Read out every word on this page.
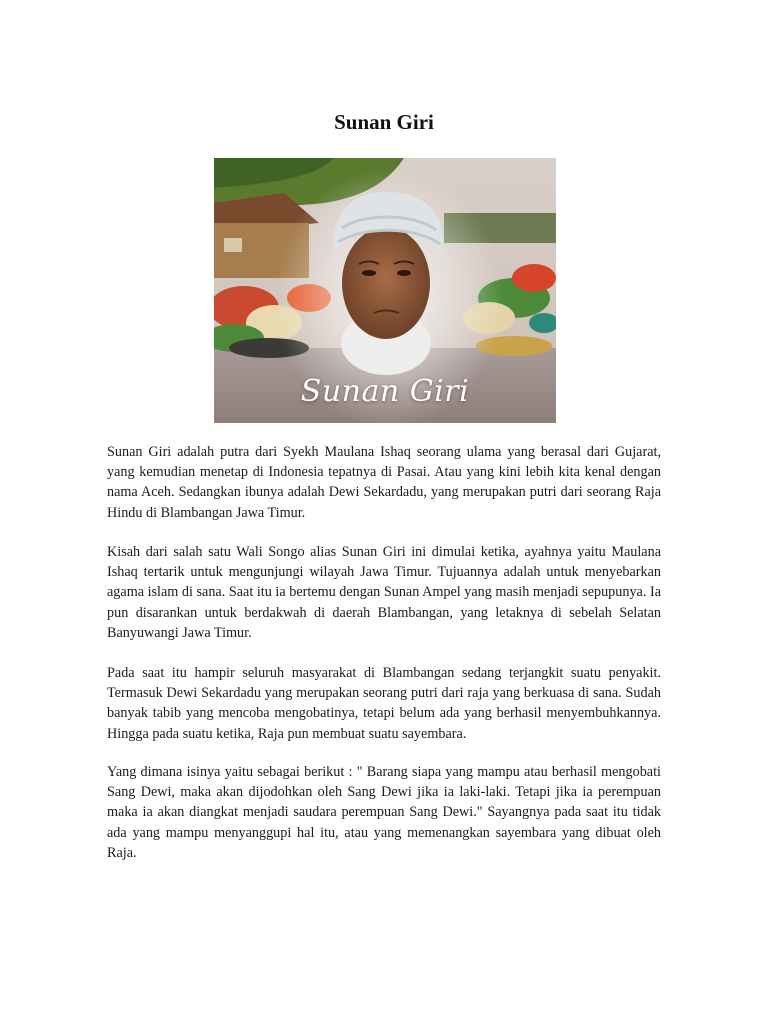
Sunan Giri
Sunan Giri

Sunan Giri adalah putra dari Syekh Maulana Ishaq seorang ulama yang berasal dari Gujarat, yang kemudian menetap di Indonesia tepatnya di Pasai. Atau yang kini lebih kita kenal dengan nama Aceh. Sedangkan ibunya adalah Dewi Sekardadu, yang merupakan putri dari seorang Raja Hindu di Blambangan Jawa Timur.

Kisah dari salah satu Wali Songo alias Sunan Giri ini dimulai ketika, ayahnya yaitu Maulana Ishaq tertarik untuk mengunjungi wilayah Jawa Timur. Tujuannya adalah untuk menyebarkan agama islam di sana. Saat itu ia bertemu dengan Sunan Ampel yang masih menjadi sepupunya. Ia pun disarankan untuk berdakwah di daerah Blambangan, yang letaknya di sebelah Selatan Banyuwangi Jawa Timur.

Pada saat itu hampir seluruh masyarakat di Blambangan sedang terjangkit suatu penyakit. Termasuk Dewi Sekardadu yang merupakan seorang putri dari raja yang berkuasa di sana. Sudah banyak tabib yang mencoba mengobatinya, tetapi belum ada yang berhasil menyembuhkannya. Hingga pada suatu ketika, Raja pun membuat suatu sayembara.

Yang dimana isinya yaitu sebagai berikut : " Barang siapa yang mampu atau berhasil mengobati Sang Dewi, maka akan dijodohkan oleh Sang Dewi jika ia laki-laki. Tetapi jika ia perempuan maka ia akan diangkat menjadi saudara perempuan Sang Dewi." Sayangnya pada saat itu tidak ada yang mampu menyanggupi hal itu, atau yang memenangkan sayembara yang dibuat oleh Raja.
